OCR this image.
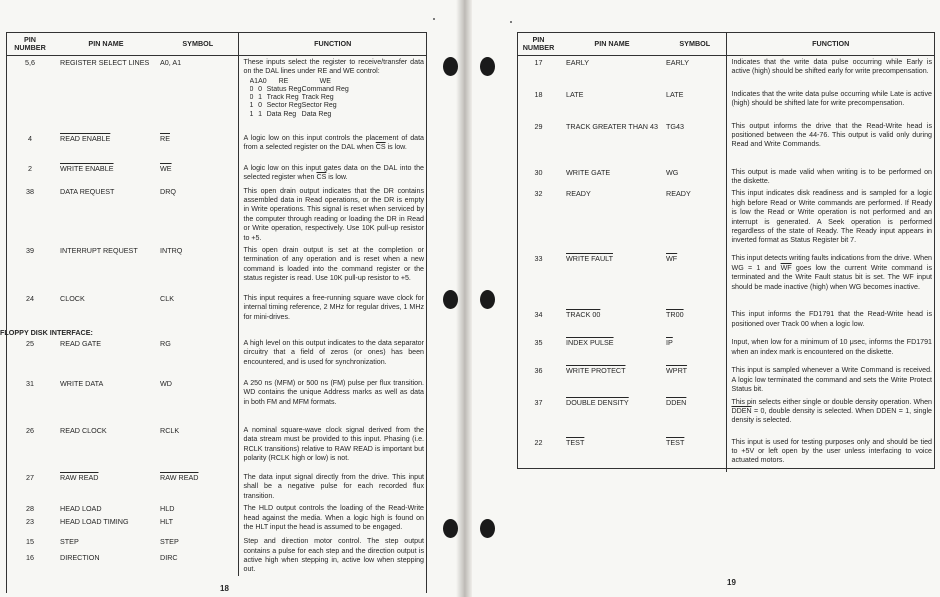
PIN
NUMBER	PIN NAME	SYMBOL	FUNCTION
5,6	REGISTER SELECT LINES	A0, A1	These inputs select the register to receive/transfer data on the DAL lines under RE and WE control:
A1	A0	RE	WE
0	0	Status Reg	Command Reg
0	1	Track Reg	Track Reg
1	0	Sector Reg	Sector Reg
1	1	Data Reg	Data Reg

4	READ ENABLE	$\overline{RE}$	A logic low on this input controls the placement of data from a selected register on the DAL when $\overline{CS}$ is low.
2	WRITE ENABLE	$\overline{WE}$	A logic low on this input gates data on the DAL into the selected register when $\overline{CS}$ is low.
38	DATA REQUEST	DRQ	This open drain output indicates that the DR contains assembled data in Read operations, or the DR is empty in Write operations. This signal is reset when serviced by the computer through reading or loading the DR in Read or Write operation, respectively. Use 10K pull-up resistor to +5.
39	INTERRUPT REQUEST	INTRQ	This open drain output is set at the completion or termination of any operation and is reset when a new command is loaded into the command register or the status register is read. Use 10K pull-up resistor to +5.
24	CLOCK	CLK	This input requires a free-running square wave clock for internal timing reference, 2 MHz for regular drives, 1 MHz for mini-drives.
FLOPPY DISK INTERFACE:	
25	READ GATE	RG	A high level on this output indicates to the data separator circuitry that a field of zeros (or ones) has been encountered, and is used for synchronization.
31	WRITE DATA	WD	A 250 ns (MFM) or 500 ns (FM) pulse per flux transition. WD contains the unique Address marks as well as data in both FM and MFM formats.
26	READ CLOCK	RCLK	A nominal square-wave clock signal derived from the data stream must be provided to this input. Phasing (i.e. RCLK transitions) relative to RAW READ is important but polarity (RCLK high or low) is not.
27	RAW READ	RAW READ	The data input signal directly from the drive. This input shall be a negative pulse for each recorded flux transition.
28	HEAD LOAD	HLD	The HLD output controls the loading of the Read-Write head against the media. When a logic high is found on the HLT input the head is assumed to be engaged.
23	HEAD LOAD TIMING	HLT
15	STEP	STEP	Step and direction motor control. The step output contains a pulse for each step and the direction output is active high when stepping in, active low when stepping out.
16	DIRECTION	DIRC
18
PIN
NUMBER	PIN NAME	SYMBOL	FUNCTION
17	EARLY	EARLY	Indicates that the write data pulse occurring while Early is active (high) should be shifted early for write precompensation.
18	LATE	LATE	Indicates that the write data pulse occurring while Late is active (high) should be shifted late for write precompensation.
29	TRACK GREATER THAN 43	TG43	This output informs the drive that the Read-Write head is positioned between the 44-76. This output is valid only during Read and Write Commands.
30	WRITE GATE	WG	This output is made valid when writing is to be performed on the diskette.
32	READY	READY	This input indicates disk readiness and is sampled for a logic high before Read or Write commands are performed. If Ready is low the Read or Write operation is not performed and an interrupt is generated. A Seek operation is performed regardless of the state of Ready. The Ready input appears in inverted format as Status Register bit 7.
33	WRITE FAULT	$\overline{WF}$	This input detects writing faults indications from the drive. When WG = 1 and $\overline{WF}$ goes low the current Write command is terminated and the Write Fault status bit is set. The WF input should be made inactive (high) when WG becomes inactive.
34	TRACK 00	TR00	This input informs the FD1791 that the Read-Write head is positioned over Track 00 when a logic low.
35	INDEX PULSE	$\overline{IP}$	Input, when low for a minimum of 10 μsec, informs the FD1791 when an index mark is encountered on the diskette.
36	WRITE PROTECT	WPRT	This input is sampled whenever a Write Command is received. A logic low terminated the command and sets the Write Protect Status bit.
37	DOUBLE DENSITY	DDEN	This pin selects either single or double density operation. When DDEN = 0, double density is selected. When DDEN = 1, single density is selected.
22	TEST	TEST	This input is used for testing purposes only and should be tied to +5V or left open by the user unless interfacing to voice actuated motors.
19
